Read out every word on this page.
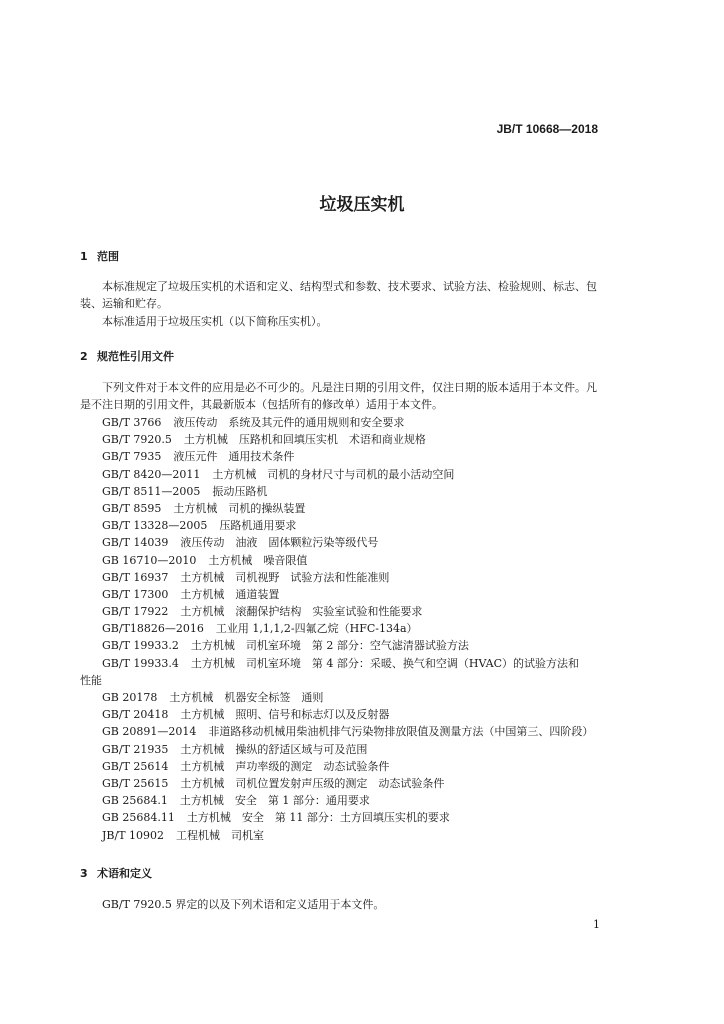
JB/T 10668—2018
垃圾压实机
1 范围
本标准规定了垃圾压实机的术语和定义、结构型式和参数、技术要求、试验方法、检验规则、标志、包装、运输和贮存。
本标准适用于垃圾压实机（以下简称压实机）。
2 规范性引用文件
下列文件对于本文件的应用是必不可少的。凡是注日期的引用文件，仅注日期的版本适用于本文件。凡是不注日期的引用文件，其最新版本（包括所有的修改单）适用于本文件。
GB/T 3766 液压传动　系统及其元件的通用规则和安全要求
GB/T 7920.5 土方机械　压路机和回填压实机　术语和商业规格
GB/T 7935 液压元件　通用技术条件
GB/T 8420—2011 土方机械　司机的身材尺寸与司机的最小活动空间
GB/T 8511—2005 振动压路机
GB/T 8595 土方机械　司机的操纵装置
GB/T 13328—2005 压路机通用要求
GB/T 14039 液压传动　油液　固体颗粒污染等级代号
GB 16710—2010 土方机械　噪音限值
GB/T 16937 土方机械　司机视野　试验方法和性能准则
GB/T 17300 土方机械　通道装置
GB/T 17922 土方机械　滚翻保护结构　实验室试验和性能要求
GB/T18826—2016 工业用 1,1,1,2-四氟乙烷（HFC-134a）
GB/T 19933.2 土方机械　司机室环境　第 2 部分：空气滤清器试验方法
GB/T 19933.4 土方机械　司机室环境　第 4 部分：采暖、换气和空调（HVAC）的试验方法和
性能
GB 20178 土方机械　机器安全标签　通则
GB/T 20418 土方机械　照明、信号和标志灯以及反射器
GB 20891—2014 非道路移动机械用柴油机排气污染物排放限值及测量方法（中国第三、四阶段）
GB/T 21935 土方机械　操纵的舒适区域与可及范围
GB/T 25614 土方机械　声功率级的测定　动态试验条件
GB/T 25615 土方机械　司机位置发射声压级的测定　动态试验条件
GB 25684.1 土方机械　安全　第 1 部分：通用要求
GB 25684.11 土方机械　安全　第 11 部分：土方回填压实机的要求
JB/T 10902 工程机械　司机室
3 术语和定义
GB/T 7920.5 界定的以及下列术语和定义适用于本文件。
1
